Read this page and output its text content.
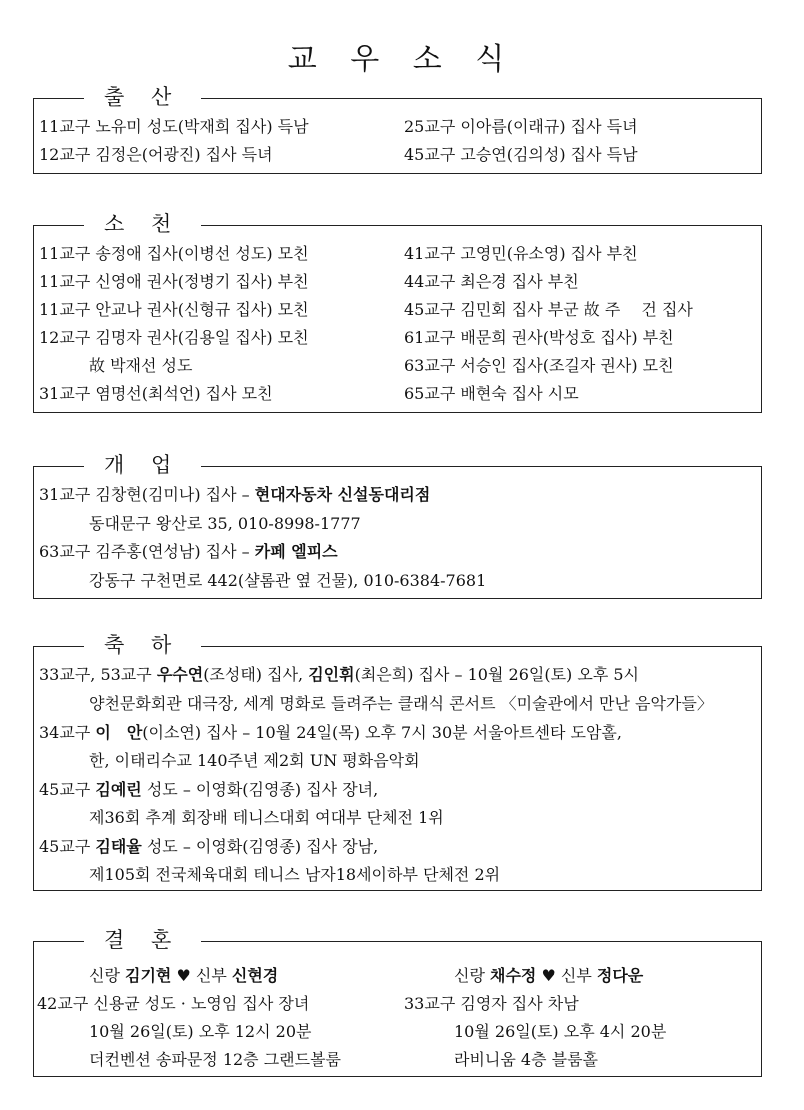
교 우 소 식
출 산
11교구 노유미 성도(박재희 집사) 득남
12교구 김정은(어광진) 집사 득녀
25교구 이아름(이래규) 집사 득녀
45교구 고승연(김의성) 집사 득남
소 천
11교구 송정애 집사(이병선 성도) 모친
11교구 신영애 권사(정병기 집사) 부친
11교구 안교나 권사(신형규 집사) 모친
12교구 김명자 권사(김용일 집사) 모친
故 박재선 성도
31교구 염명선(최석언) 집사 모친
41교구 고영민(유소영) 집사 부친
44교구 최은경 집사 부친
45교구 김민회 집사 부군 故 주　 건 집사
61교구 배문희 권사(박성호 집사) 부친
63교구 서승인 집사(조길자 권사) 모친
65교구 배현숙 집사 시모
개 업
31교구 김창현(김미나) 집사 – 현대자동차 신설동대리점
동대문구 왕산로 35, 010-8998-1777
63교구 김주홍(연성남) 집사 – 카페 엘피스
강동구 구천면로 442(샬롬관 옆 건물), 010-6384-7681
축 하
33교구, 53교구 우수연(조성태) 집사, 김인휘(최은희) 집사 – 10월 26일(토) 오후 5시
양천문화회관 대극장, 세계 명화로 들려주는 클래식 콘서트 〈미술관에서 만난 음악가들〉
34교구 이　안(이소연) 집사 – 10월 24일(목) 오후 7시 30분 서울아트센타 도암홀,
한, 이태리수교 140주년 제2회 UN 평화음악회
45교구 김예린 성도 – 이영화(김영종) 집사 장녀,
제36회 추계 회장배 테니스대회 여대부 단체전 1위
45교구 김태율 성도 – 이영화(김영종) 집사 장남,
제105회 전국체육대회 테니스 남자18세이하부 단체전 2위
결 혼
신랑 김기현 ♥ 신부 신현경
42교구 신용균 성도 · 노영임 집사 장녀
10월 26일(토) 오후 12시 20분
더컨벤션 송파문정 12층 그랜드볼룸
신랑 채수정 ♥ 신부 정다운
33교구 김영자 집사 차남
10월 26일(토) 오후 4시 20분
라비니움 4층 블룸홀
